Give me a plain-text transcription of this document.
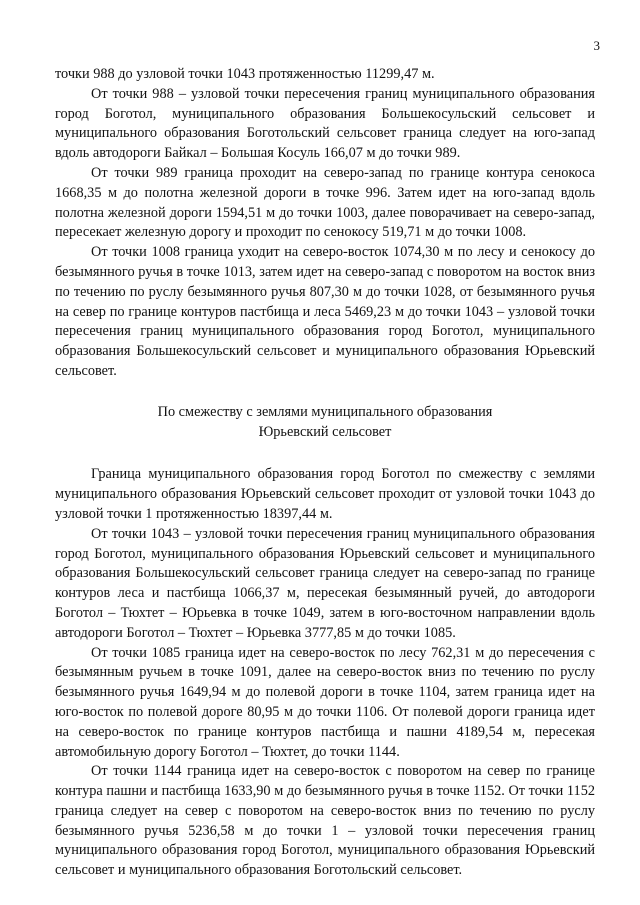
3

точки 988 до узловой точки 1043 протяженностью 11299,47 м.

От точки 988 – узловой точки пересечения границ муниципального образования город Боготол, муниципального образования Большекосульский сельсовет и муниципального образования Боготольский сельсовет граница следует на юго-запад вдоль автодороги Байкал – Большая Косуль 166,07 м до точки 989.

От точки 989 граница проходит на северо-запад по границе контура сенокоса 1668,35 м до полотна железной дороги в точке 996. Затем идет на юго-запад вдоль полотна железной дороги 1594,51 м до точки 1003, далее поворачивает на северо-запад, пересекает железную дорогу и проходит по сенокосу 519,71 м до точки 1008.

От точки 1008 граница уходит на северо-восток 1074,30 м по лесу и сенокосу до безымянного ручья в точке 1013, затем идет на северо-запад с поворотом на восток вниз по течению по руслу безымянного ручья 807,30 м до точки 1028, от безымянного ручья на север по границе контуров пастбища и леса 5469,23 м до точки 1043 – узловой точки пересечения границ муниципального образования город Боготол, муниципального образования Большекосульский сельсовет и муниципального образования Юрьевский сельсовет.

По смежеству с землями муниципального образования
Юрьевский сельсовет

Граница муниципального образования город Боготол по смежеству с землями муниципального образования Юрьевский сельсовет проходит от узловой точки 1043 до узловой точки 1 протяженностью 18397,44 м.

От точки 1043 – узловой точки пересечения границ муниципального образования город Боготол, муниципального образования Юрьевский сельсовет и муниципального образования Большекосульский сельсовет граница следует на северо-запад по границе контуров леса и пастбища 1066,37 м, пересекая безымянный ручей, до автодороги Боготол – Тюхтет – Юрьевка в точке 1049, затем в юго-восточном направлении вдоль автодороги Боготол – Тюхтет – Юрьевка 3777,85 м до точки 1085.

От точки 1085 граница идет на северо-восток по лесу 762,31 м до пересечения с безымянным ручьем в точке 1091, далее на северо-восток вниз по течению по руслу безымянного ручья 1649,94 м до полевой дороги в точке 1104, затем граница идет на юго-восток по полевой дороге 80,95 м до точки 1106. От полевой дороги граница идет на северо-восток по границе контуров пастбища и пашни 4189,54 м, пересекая автомобильную дорогу Боготол – Тюхтет, до точки 1144.

От точки 1144 граница идет на северо-восток с поворотом на север по границе контура пашни и пастбища 1633,90 м до безымянного ручья в точке 1152. От точки 1152 граница следует на север с поворотом на северо-восток вниз по течению по руслу безымянного ручья 5236,58 м до точки 1 – узловой точки пересечения границ муниципального образования город Боготол, муниципального образования Юрьевский сельсовет и муниципального образования Боготольский сельсовет.
